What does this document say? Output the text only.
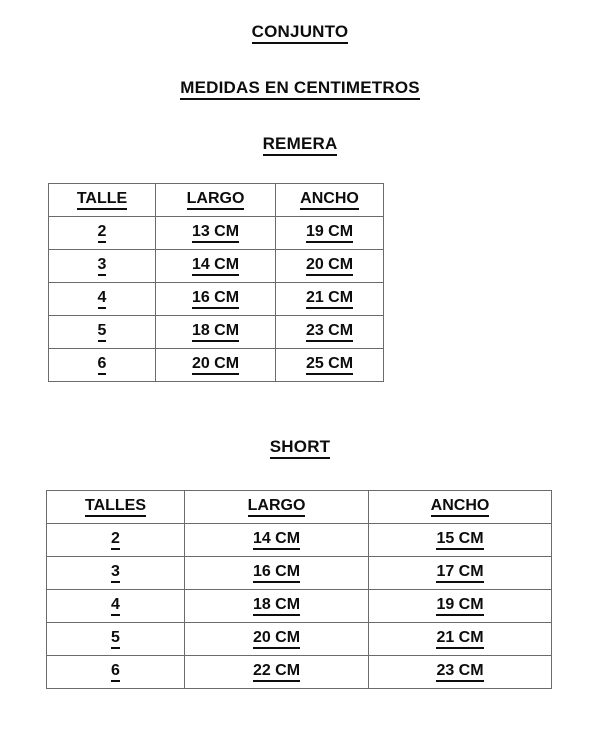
CONJUNTO
MEDIDAS EN CENTIMETROS
REMERA
TALLE	LARGO	ANCHO
2	13 CM	19 CM
3	14 CM	20 CM
4	16 CM	21 CM
5	18 CM	23 CM
6	20 CM	25 CM
SHORT
TALLES	LARGO	ANCHO
2	14 CM	15 CM
3	16 CM	17 CM
4	18 CM	19 CM
5	20 CM	21 CM
6	22 CM	23 CM
